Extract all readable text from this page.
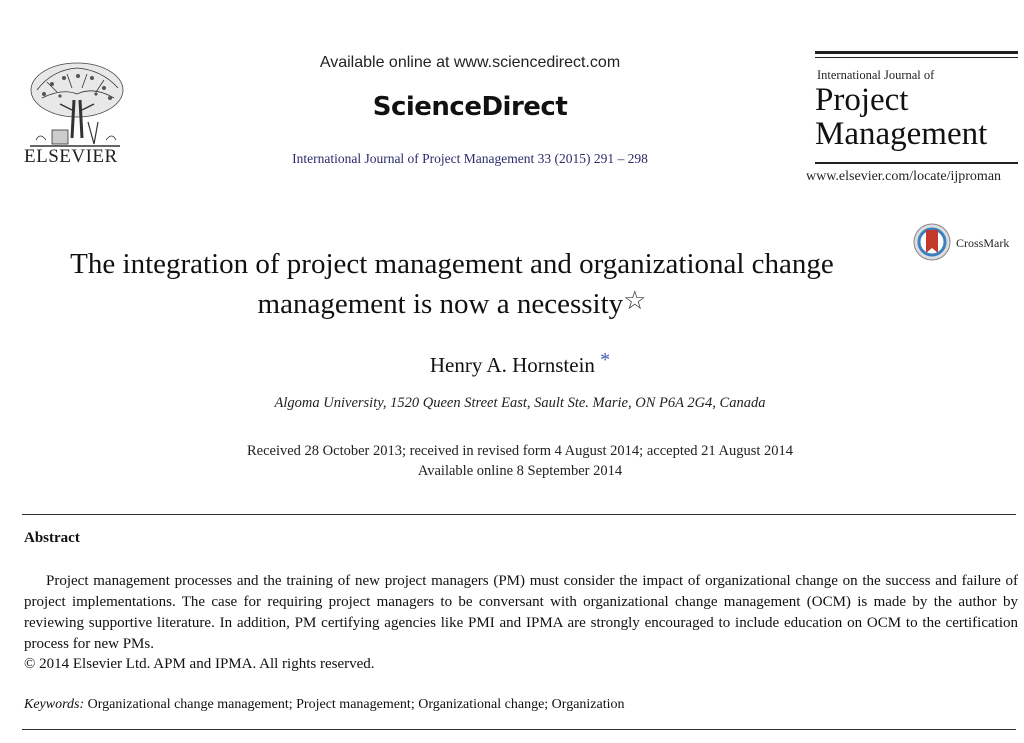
ELSEVIER
Available online at www.sciencedirect.com
ScienceDirect
International Journal of Project Management 33 (2015) 291 – 298
International Journal of
Project
Management
www.elsevier.com/locate/ijproman
CrossMark
The integration of project management and organizational change
management is now a necessity☆
Henry A. Hornstein *
Algoma University, 1520 Queen Street East, Sault Ste. Marie, ON P6A 2G4, Canada
Received 28 October 2013; received in revised form 4 August 2014; accepted 21 August 2014
Available online 8 September 2014
Abstract
Project management processes and the training of new project managers (PM) must consider the impact of organizational change on the success and failure of project implementations. The case for requiring project managers to be conversant with organizational change management (OCM) is made by the author by reviewing supportive literature. In addition, PM certifying agencies like PMI and IPMA are strongly encouraged to include education on OCM to the certification process for new PMs.
© 2014 Elsevier Ltd. APM and IPMA. All rights reserved.
Keywords: Organizational change management; Project management; Organizational change; Organization
